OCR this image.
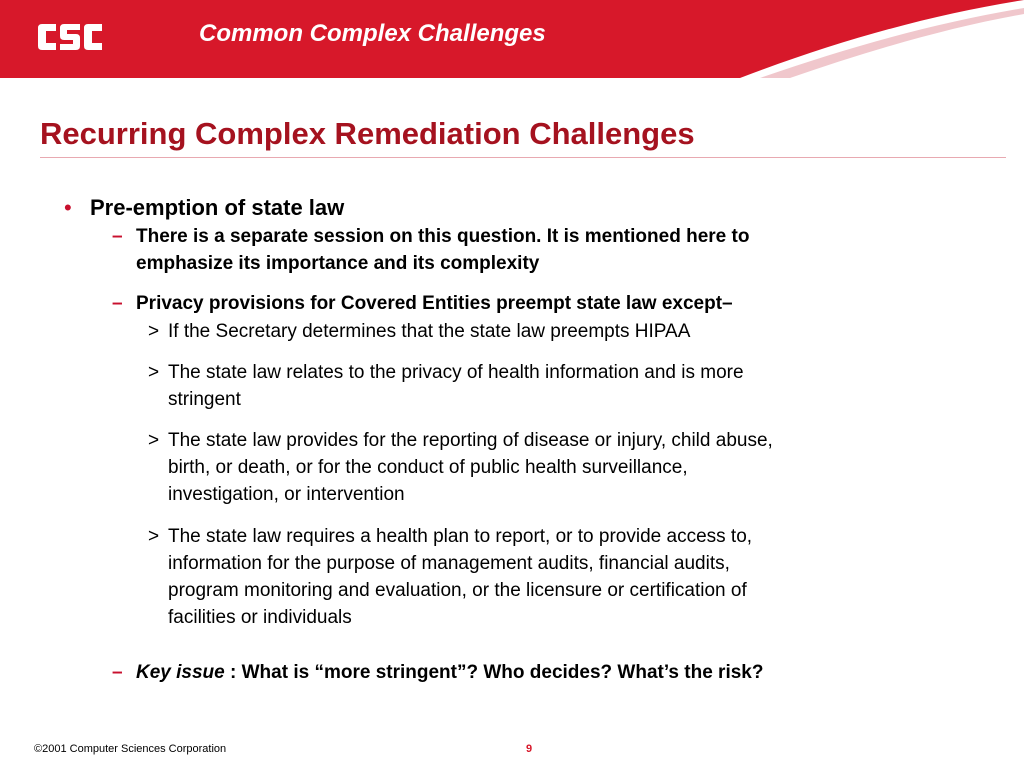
Common Complex Challenges
Recurring Complex Remediation Challenges
• Pre-emption of state law
– There is a separate session on this question. It is mentioned here to
emphasize its importance and its complexity
– Privacy provisions for Covered Entities preempt state law except–
> If the Secretary determines that the state law preempts HIPAA
> The state law relates to the privacy of health information and is more
stringent
> The state law provides for the reporting of disease or injury, child abuse,
birth, or death, or for the conduct of public health surveillance,
investigation, or intervention
> The state law requires a health plan to report, or to provide access to,
information for the purpose of management audits, financial audits,
program monitoring and evaluation, or the licensure or certification of
facilities or individuals
– Key issue : What is “more stringent”? Who decides? What’s the risk?
©2001 Computer Sciences Corporation	9
